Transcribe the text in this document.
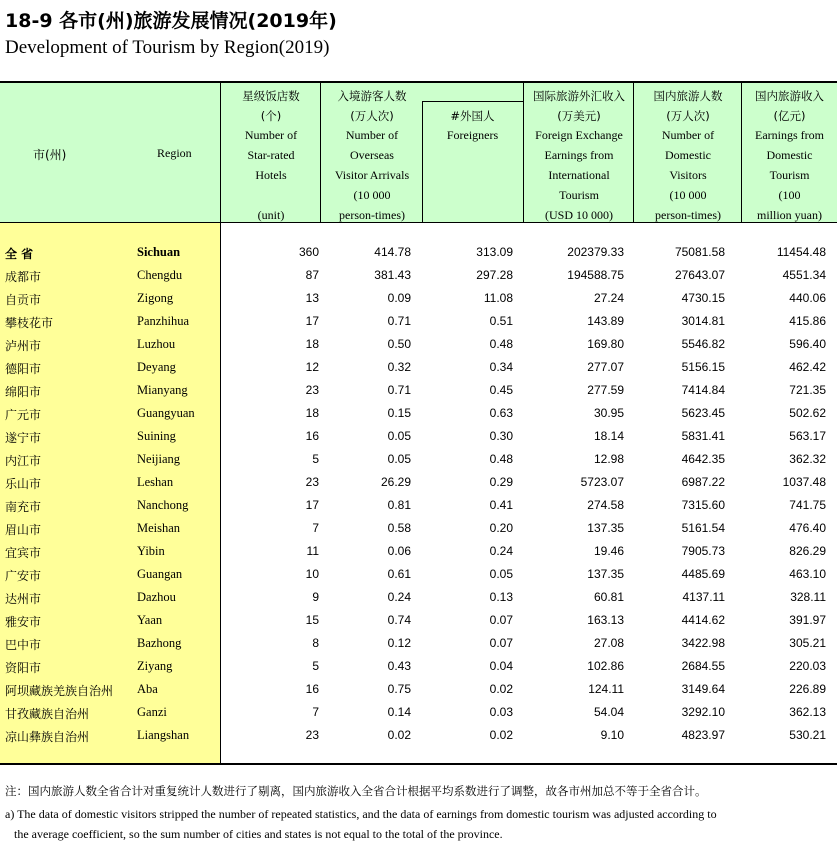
18-9 各市(州)旅游发展情况(2019年)
Development of Tourism by Region(2019)
市(州)	Region
星级饭店数
(个)
Number of
Star-rated
Hotels
(unit)
入境游客人数
(万人次)
Number of
Overseas
Visitor Arrivals
(10 000
person-times)
#外国人
Foreigners
国际旅游外汇收入
(万美元)
Foreign Exchange
Earnings from
International
Tourism
(USD 10 000)
国内旅游人数
(万人次)
Number of
Domestic
Visitors
(10 000
person-times)
国内旅游收入
(亿元)
Earnings from
Domestic
Tourism
(100
million yuan)
全 省	Sichuan	360	414.78	313.09	202379.33	75081.58	11454.48
成都市	Chengdu	87	381.43	297.28	194588.75	27643.07	4551.34
自贡市	Zigong	13	0.09	11.08	27.24	4730.15	440.06
攀枝花市	Panzhihua	17	0.71	0.51	143.89	3014.81	415.86
泸州市	Luzhou	18	0.50	0.48	169.80	5546.82	596.40
德阳市	Deyang	12	0.32	0.34	277.07	5156.15	462.42
绵阳市	Mianyang	23	0.71	0.45	277.59	7414.84	721.35
广元市	Guangyuan	18	0.15	0.63	30.95	5623.45	502.62
遂宁市	Suining	16	0.05	0.30	18.14	5831.41	563.17
内江市	Neijiang	5	0.05	0.48	12.98	4642.35	362.32
乐山市	Leshan	23	26.29	0.29	5723.07	6987.22	1037.48
南充市	Nanchong	17	0.81	0.41	274.58	7315.60	741.75
眉山市	Meishan	7	0.58	0.20	137.35	5161.54	476.40
宜宾市	Yibin	11	0.06	0.24	19.46	7905.73	826.29
广安市	Guangan	10	0.61	0.05	137.35	4485.69	463.10
达州市	Dazhou	9	0.24	0.13	60.81	4137.11	328.11
雅安市	Yaan	15	0.74	0.07	163.13	4414.62	391.97
巴中市	Bazhong	8	0.12	0.07	27.08	3422.98	305.21
资阳市	Ziyang	5	0.43	0.04	102.86	2684.55	220.03
阿坝藏族羌族自治州 Aba	16	0.75	0.02	124.11	3149.64	226.89
甘孜藏族自治州	Ganzi	7	0.14	0.03	54.04	3292.10	362.13
凉山彝族自治州	Liangshan	23	0.02	0.02	9.10	4823.97	530.21
注：国内旅游人数全省合计对重复统计人数进行了剔离，国内旅游收入全省合计根据平均系数进行了调整，故各市州加总不等于全省合计。
a) The data of domestic visitors stripped the number of repeated statistics, and the data of earnings from domestic tourism was adjusted according to
the average coefficient, so the sum number of cities and states is not equal to the total of the province.
